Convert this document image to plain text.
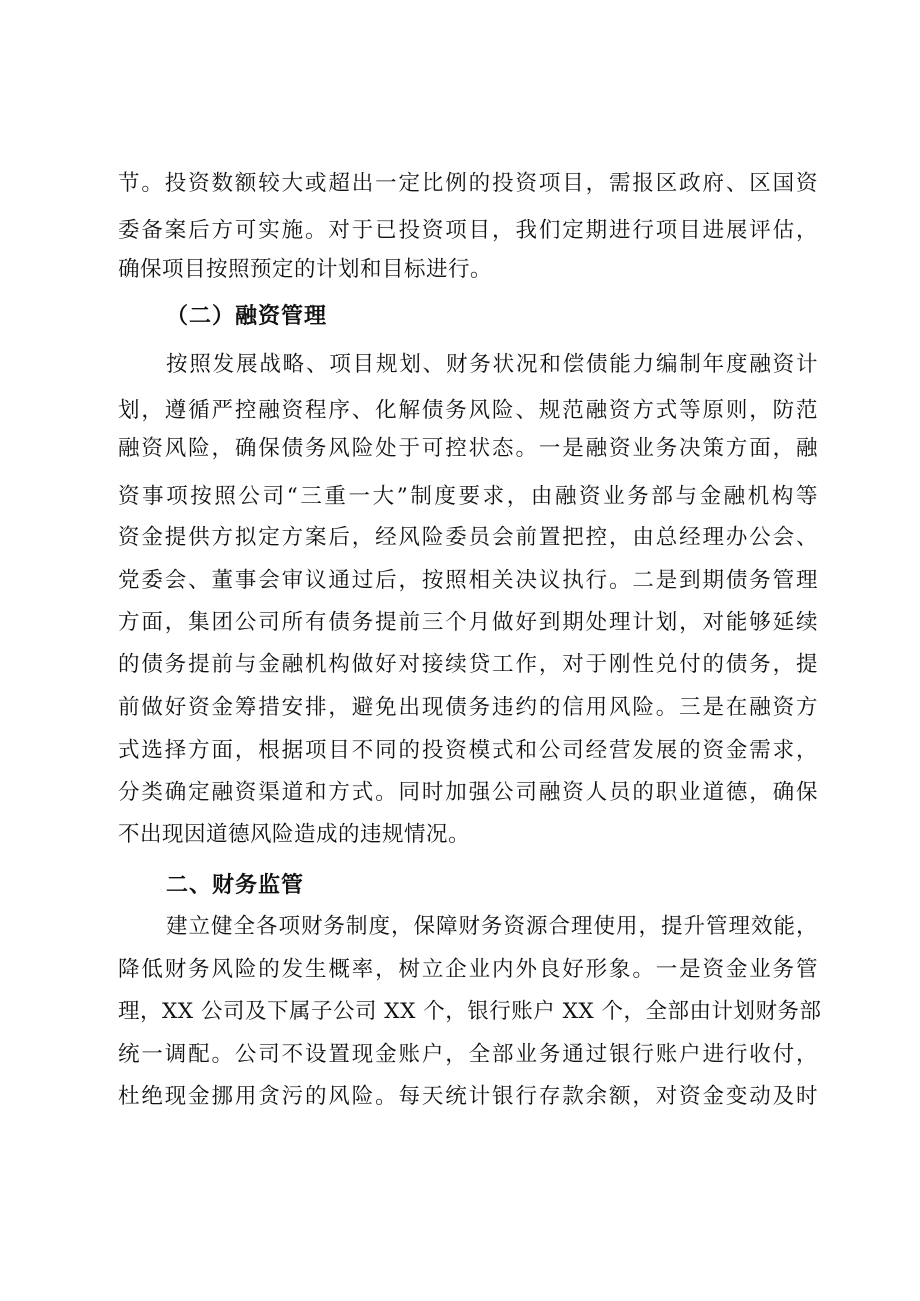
节。投资数额较大或超出一定比例的投资项目，需报区政府、区国资
委备案后方可实施。对于已投资项目，我们定期进行项目进展评估，
确保项目按照预定的计划和目标进行。
（二）融资管理
按照发展战略、项目规划、财务状况和偿债能力编制年度融资计
划，遵循严控融资程序、化解债务风险、规范融资方式等原则，防范
融资风险，确保债务风险处于可控状态。一是融资业务决策方面，融
资事项按照公司“三重一大”制度要求，由融资业务部与金融机构等
资金提供方拟定方案后，经风险委员会前置把控，由总经理办公会、
党委会、董事会审议通过后，按照相关决议执行。二是到期债务管理
方面，集团公司所有债务提前三个月做好到期处理计划，对能够延续
的债务提前与金融机构做好对接续贷工作，对于刚性兑付的债务，提
前做好资金筹措安排，避免出现债务违约的信用风险。三是在融资方
式选择方面，根据项目不同的投资模式和公司经营发展的资金需求，
分类确定融资渠道和方式。同时加强公司融资人员的职业道德，确保
不出现因道德风险造成的违规情况。
二、财务监管
建立健全各项财务制度，保障财务资源合理使用，提升管理效能，
降低财务风险的发生概率，树立企业内外良好形象。一是资金业务管
理，XX 公司及下属子公司 XX 个，银行账户 XX 个，全部由计划财务部
统一调配。公司不设置现金账户，全部业务通过银行账户进行收付，
杜绝现金挪用贪污的风险。每天统计银行存款余额，对资金变动及时
